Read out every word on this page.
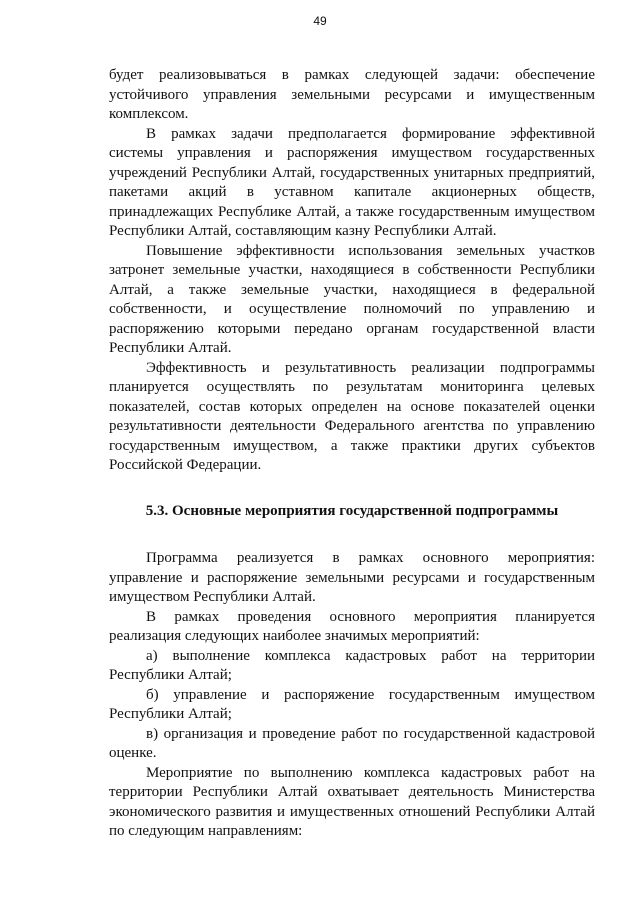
49

будет реализовываться в рамках следующей задачи: обеспечение устойчивого управления земельными ресурсами и имущественным комплексом.

В рамках задачи предполагается формирование эффективной системы управления и распоряжения имуществом государственных учреждений Республики Алтай, государственных унитарных предприятий, пакетами акций в уставном капитале акционерных обществ, принадлежащих Республике Алтай, а также государственным имуществом Республики Алтай, составляющим казну Республики Алтай.

Повышение эффективности использования земельных участков затронет земельные участки, находящиеся в собственности Республики Алтай, а также земельные участки, находящиеся в федеральной собственности, и осуществление полномочий по управлению и распоряжению которыми передано органам государственной власти Республики Алтай.

Эффективность и результативность реализации подпрограммы планируется осуществлять по результатам мониторинга целевых показателей, состав которых определен на основе показателей оценки результативности деятельности Федерального агентства по управлению государственным имуществом, а также практики других субъектов Российской Федерации.

5.3. Основные мероприятия государственной подпрограммы

Программа реализуется в рамках основного мероприятия: управление и распоряжение земельными ресурсами и государственным имуществом Республики Алтай.

В рамках проведения основного мероприятия планируется реализация следующих наиболее значимых мероприятий:

а) выполнение комплекса кадастровых работ на территории Республики Алтай;

б) управление и распоряжение государственным имуществом Республики Алтай;

в) организация и проведение работ по государственной кадастровой оценке.

Мероприятие по выполнению комплекса кадастровых работ на территории Республики Алтай охватывает деятельность Министерства экономического развития и имущественных отношений Республики Алтай по следующим направлениям:
